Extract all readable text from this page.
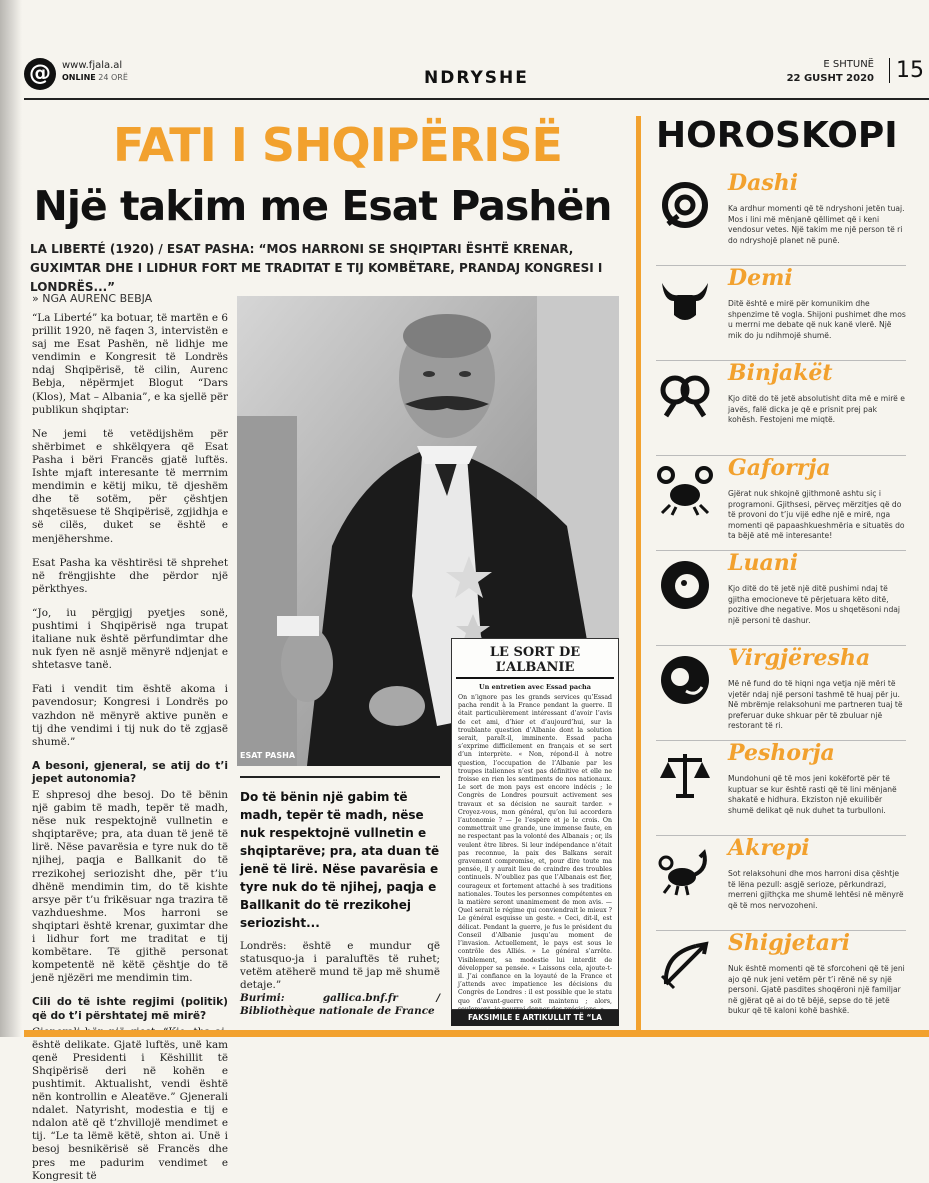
@	www.fjala.al
ONLINE 24 ORË	NDRYSHE
E SHTUNË
22 GUSHT 2020	15
FATI I SHQIPËRISË
Një takim me Esat Pashën
LA LIBERTÉ (1920) / ESAT PASHA: “MOS HARRONI SE SHQIPTARI ËSHTË KRENAR, GUXIMTAR DHE I LIDHUR FORT ME TRADITAT E TIJ KOMBËTARE, PRANDAJ KONGRESI I LONDRËS...”
» NGA AURENC BEBJA

“La Liberté” ka botuar, të martën e 6 prillit 1920, në faqen 3, intervistën e saj me Esat Pashën, në lidhje me vendimin e Kongresit të Londrës ndaj Shqipërisë, të cilin, Aurenc Bebja, nëpërmjet Blogut “Dars (Klos), Mat – Albania”, e ka sjellë për publikun shqiptar:

Ne jemi të vetëdijshëm për shërbimet e shkëlqyera që Esat Pasha i bëri Francës gjatë luftës. Ishte mjaft interesante të merrnim mendimin e këtij miku, të djeshëm dhe të sotëm, për çështjen shqetësuese të Shqipërisë, zgjidhja e së cilës, duket se është e menjëhershme.

Esat Pasha ka vështirësi të shprehet në frëngjishte dhe përdor një përkthyes.

“Jo, iu përgjigj pyetjes sonë, pushtimi i Shqipërisë nga trupat italiane nuk është përfundimtar dhe nuk fyen në asnjë mënyrë ndjenjat e shtetasve tanë.

Fati i vendit tim është akoma i pavendosur; Kongresi i Londrës po vazhdon në mënyrë aktive punën e tij dhe vendimi i tij nuk do të zgjasë shumë.”

A besoni, gjeneral, se atij do t’i jepet autonomia?

E shpresoj dhe besoj. Do të bënin një gabim të madh, tepër të madh, nëse nuk respektojnë vullnetin e shqiptarëve; pra, ata duan të jenë të lirë. Nëse pavarësia e tyre nuk do të njihej, paqja e Ballkanit do të rrezikohej seriozisht dhe, për t’iu dhënë mendimin tim, do të kishte arsye për t’u frikësuar nga trazira të vazhdueshme. Mos harroni se shqiptari është krenar, guximtar dhe i lidhur fort me traditat e tij kombëtare. Të gjithë personat kompetentë në këtë çështje do të jenë njëzëri me mendimin tim.

Cili do të ishte regjimi (politik) që do t’i përshtatej më mirë?

është delikate. Gjatë luftës, unë kam qenë Presidenti i Këshillit të Shqipërisë deri në kohën e pushtimit. Aktualisht, vendi është nën kontrollin e Aleatëve.” Gjenerali ndalet. Natyrisht, modestia e tij e ndalon atë që t’zhvillojë mendimet e tij. “Le ta lëmë këtë, shton ai. Unë i besoj besnikërisë së Francës dhe pres me padurim vendimet e Kongresit të

ESAT PASHA
Do të bënin një gabim të madh, tepër të madh, nëse nuk respektojnë vullnetin e shqiptarëve; pra, ata duan të jenë të lirë. Nëse pavarësia e tyre nuk do të njihej, paqja e Ballkanit do të rrezikohej seriozisht...

Londrës: është e mundur që statusquo-ja i paraluftës të ruhet; vetëm atëherë mund të jap më shumë detaje.”

Burimi: gallica.bnf.fr / Bibliothèque nationale de France

LE SORT DE L’ALBANIE
Un entretien avec Essad pacha
On n’ignore pas les grands services qu’Essad pacha rendit à la France pendant la guerre. Il était particulièrement intéressant d’avoir l’avis de cet ami, d’hier et d’aujourd’hui, sur la troublante question d’Albanie dont la solution serait, paraît-il, imminente. Essad pacha s’exprime difficilement en français et se sert d’un interprète. « Non, répond-il à notre question, l’occupation de l’Albanie par les troupes italiennes n’est pas définitive et elle ne froisse en rien les sentiments de nos nationaux. Le sort de mon pays est encore indécis ; le Congrès de Londres poursuit activement ses travaux et sa décision ne saurait tarder. » Croyez-vous, mon général, qu’on lui accordera l’autonomie ? — Je l’espère et je le crois. On commettrait une grande, une immense faute, en ne respectant pas la volonté des Albanais ; or, ils veulent être libres. Si leur indépendance n’était pas reconnue, la paix des Balkans serait gravement compromise, et, pour dire toute ma pensée, il y aurait lieu de craindre des troubles continuels. N’oubliez pas que l’Albanais est fier, courageux et fortement attaché à ses traditions nationales. Toutes les personnes compétentes en la matière seront unanimement de mon avis. — Quel serait le régime qui conviendrait le mieux ? Le général esquisse un geste. « Ceci, dit-il, est délicat. Pendant la guerre, je fus le président du Conseil d’Albanie jusqu’au moment de l’invasion. Actuellement, le pays est sous le contrôle des Alliés. » Le général s’arrête. Visiblement, sa modestie lui interdit de développer sa pensée. « Laissons cela, ajoute-t-il. J’ai confiance en la loyauté de la France et j’attends avec impatience les décisions du Congrès de Londres : il est possible que le statu quo d’avant-guerre soit maintenu ; alors,
FAKSIMILE E ARTIKULLIT TË “LA
HOROSKOPI
Dashi
Ka ardhur momenti që të ndryshoni jetën tuaj. Mos i lini më mënjanë qëllimet që i keni vendosur vetes. Një takim me një person të ri do ndryshojë planet në punë.
Demi
Ditë është e mirë për komunikim dhe shpenzime të vogla. Shijoni pushimet dhe mos u merrni me debate që nuk kanë vlerë. Një mik do ju ndihmojë shumë.
Binjakët
Kjo ditë do të jetë absolutisht dita më e mirë e javës, falë dicka je që e prisnit prej pak kohësh. Festojeni me miqtë.
Gaforrja
Gjërat nuk shkojnë gjithmonë ashtu siç i programoni. Gjithsesi, përveç mërzitjes që do të provoni do t’ju vijë edhe një e mirë, nga momenti që papaashkueshmëria e situatës do ta bëjë atë më interesante!
Luani
Kjo ditë do të jetë një ditë pushimi ndaj të gjitha emocioneve të përjetuara këto ditë, pozitive dhe negative. Mos u shqetësoni ndaj një personi të dashur.
Virgjëresha
Më në fund do të hiqni nga vetja një mëri të vjetër ndaj një personi tashmë të huaj për ju. Në mbrëmje relaksohuni me partneren tuaj të preferuar duke shkuar për të zbuluar një restorant të ri.
Peshorja
Mundohuni që të mos jeni kokëfortë për të kuptuar se kur është rasti që të lini mënjanë shakatë e hidhura. Ekziston një ekuilibër shumë delikat që nuk duhet ta turbulloni.
Akrepi
Sot relaksohuni dhe mos harroni disa çështje të lëna pezull: asgjë serioze, përkundrazi, merreni gjithçka me shumë lehtësi në mënyrë që të mos nervozoheni.
Shigjetari
Nuk është momenti që të sforcoheni që të jeni ajo që nuk jeni vetëm për t’i rënë në sy një personi. Gjatë pasdites shoqëroni një familjar në gjërat që ai do të bëjë, sepse do të jetë bukur që të kaloni kohë bashkë.
